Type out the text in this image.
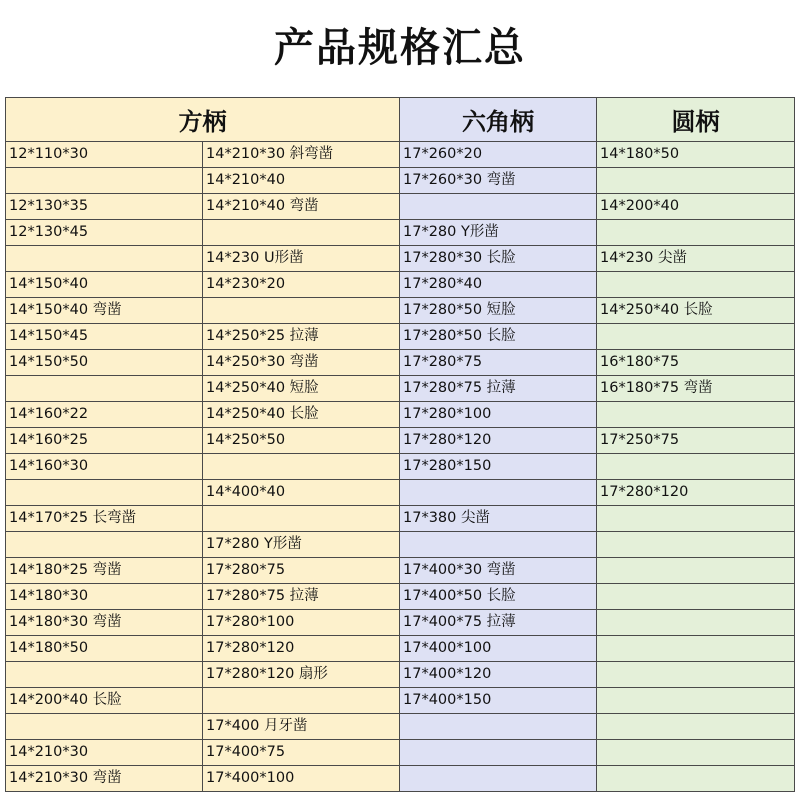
产品规格汇总
方柄		六角柄	圆柄
12*110*30	14*210*30 斜弯凿	17*260*20	14*180*50
	14*210*40	17*260*30 弯凿	
12*130*35	14*210*40 弯凿		14*200*40
12*130*45		17*280 Y形凿	
	14*230 U形凿	17*280*30 长脸	14*230 尖凿
14*150*40	14*230*20	17*280*40	
14*150*40 弯凿		17*280*50 短脸	14*250*40 长脸
14*150*45	14*250*25 拉薄	17*280*50 长脸	
14*150*50	14*250*30 弯凿	17*280*75	16*180*75
	14*250*40 短脸	17*280*75 拉薄	16*180*75 弯凿
14*160*22	14*250*40 长脸	17*280*100	
14*160*25	14*250*50	17*280*120	17*250*75
14*160*30		17*280*150	
	14*400*40		17*280*120
14*170*25 长弯凿		17*380 尖凿	
	17*280 Y形凿		
14*180*25 弯凿	17*280*75	17*400*30 弯凿	
14*180*30	17*280*75 拉薄	17*400*50 长脸	
14*180*30 弯凿	17*280*100	17*400*75 拉薄	
14*180*50	17*280*120	17*400*100	
	17*280*120 扇形	17*400*120	
14*200*40 长脸		17*400*150	
	17*400 月牙凿		
14*210*30	17*400*75		
14*210*30 弯凿	17*400*100		
